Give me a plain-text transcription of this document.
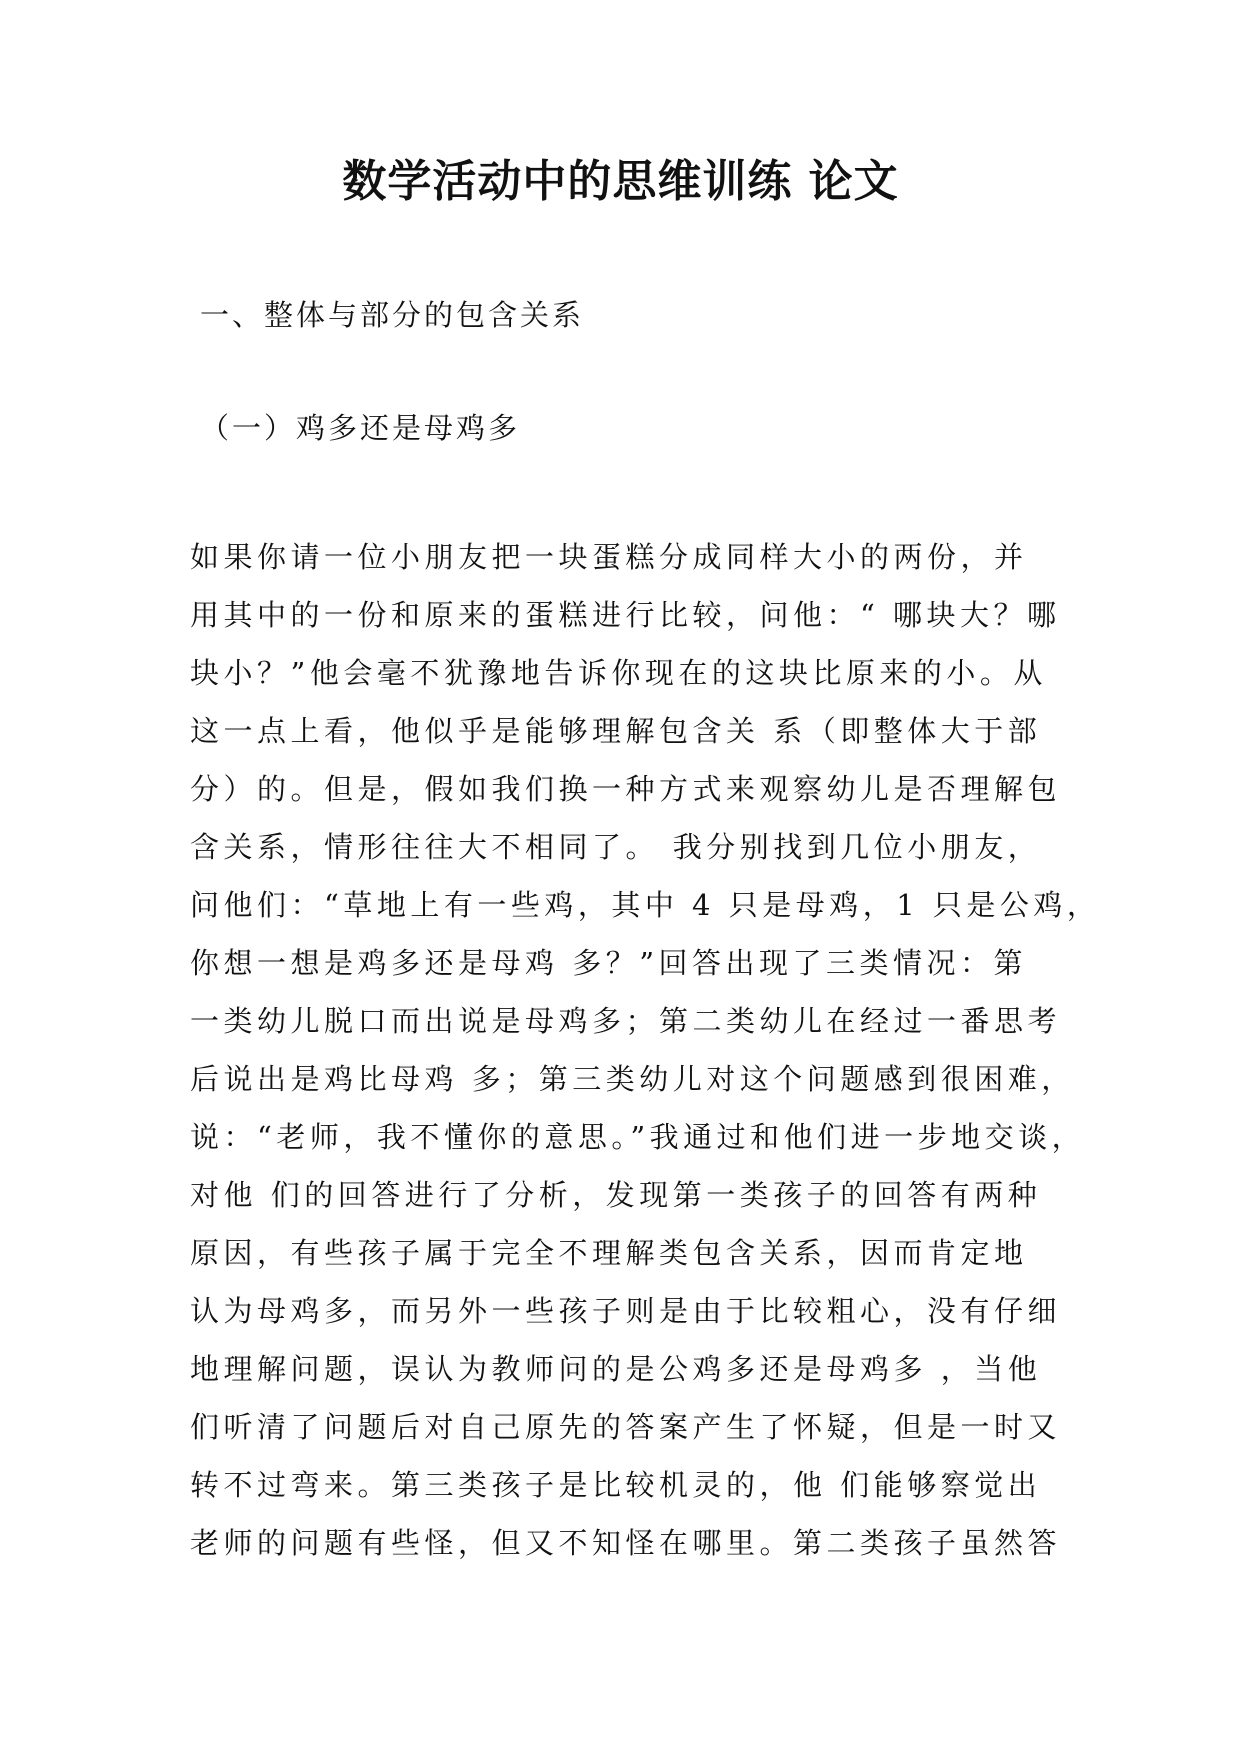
数学活动中的思维训练 论文
一、整体与部分的包含关系
（一）鸡多还是母鸡多
如果你请一位小朋友把一块蛋糕分成同样大小的两份，并
用其中的一份和原来的蛋糕进行比较，问他：“ 哪块大？哪
块小？”他会毫不犹豫地告诉你现在的这块比原来的小。从
这一点上看，他似乎是能够理解包含关 系（即整体大于部
分）的。但是，假如我们换一种方式来观察幼儿是否理解包
含关系，情形往往大不相同了。 我分别找到几位小朋友，
问他们：“草地上有一些鸡，其中 4 只是母鸡，1 只是公鸡，
你想一想是鸡多还是母鸡 多？”回答出现了三类情况：第
一类幼儿脱口而出说是母鸡多；第二类幼儿在经过一番思考
后说出是鸡比母鸡 多；第三类幼儿对这个问题感到很困难，
说：“老师，我不懂你的意思。”我通过和他们进一步地交谈，
对他 们的回答进行了分析，发现第一类孩子的回答有两种
原因，有些孩子属于完全不理解类包含关系，因而肯定地
认为母鸡多，而另外一些孩子则是由于比较粗心，没有仔细
地理解问题，误认为教师问的是公鸡多还是母鸡多 ，当他
们听清了问题后对自己原先的答案产生了怀疑，但是一时又
转不过弯来。第三类孩子是比较机灵的，他 们能够察觉出
老师的问题有些怪，但又不知怪在哪里。第二类孩子虽然答
